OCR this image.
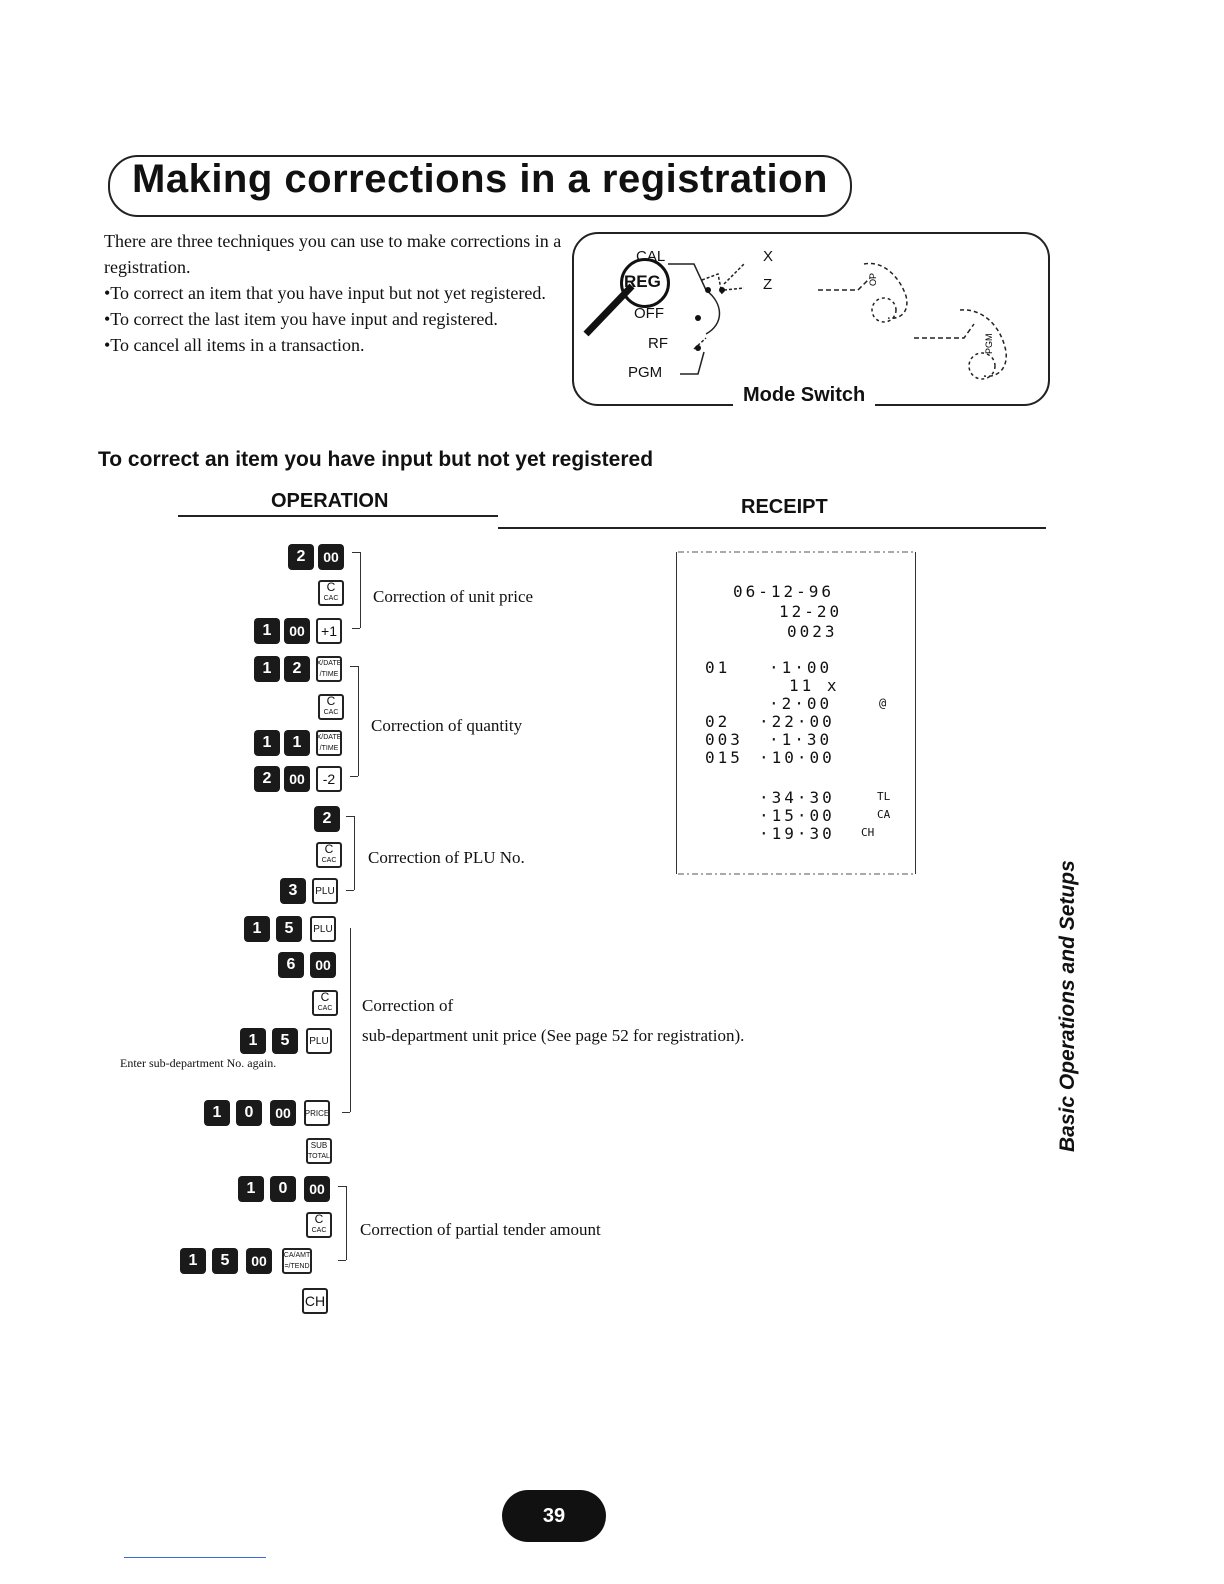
Making corrections in a registration

There are three techniques you can use to make corrections in a registration.

•To correct an item that you have input but not yet registered.

•To correct the last item you have input and registered.

•To cancel all items in a transaction.

OP
PGM
CAL
REG
OFF
RF
PGM
X
Z
Mode Switch
To correct an item you have input but not yet registered
OPERATION	RECEIPT
2	00
C
CAC
1	00	+1
Correction of unit price
1	2	X/DATE
/TIME
C
CAC
1	1	X/DATE
/TIME
2	00	-2
Correction of quantity
2
C
CAC
3	PLU
Correction of PLU No.
1	5	PLU
6	00
C
CAC
1	5	PLU
Enter sub-department No. again.
1	0	00	PRICE
Correction of
sub-department unit price (See page 52 for registration).
SUB
TOTAL
1	0	00
C
CAC
1	5	00	CA/AMT
=/TEND
CH
Correction of partial tender amount
06-12-96
12-20
0023
01 ·1·00
11 x
·2·00	@
02 ·22·00
003 ·1·30
015 ·10·00
·34·30	TL
·15·00	CA
·19·30 CH
Basic Operations and Setups
39
